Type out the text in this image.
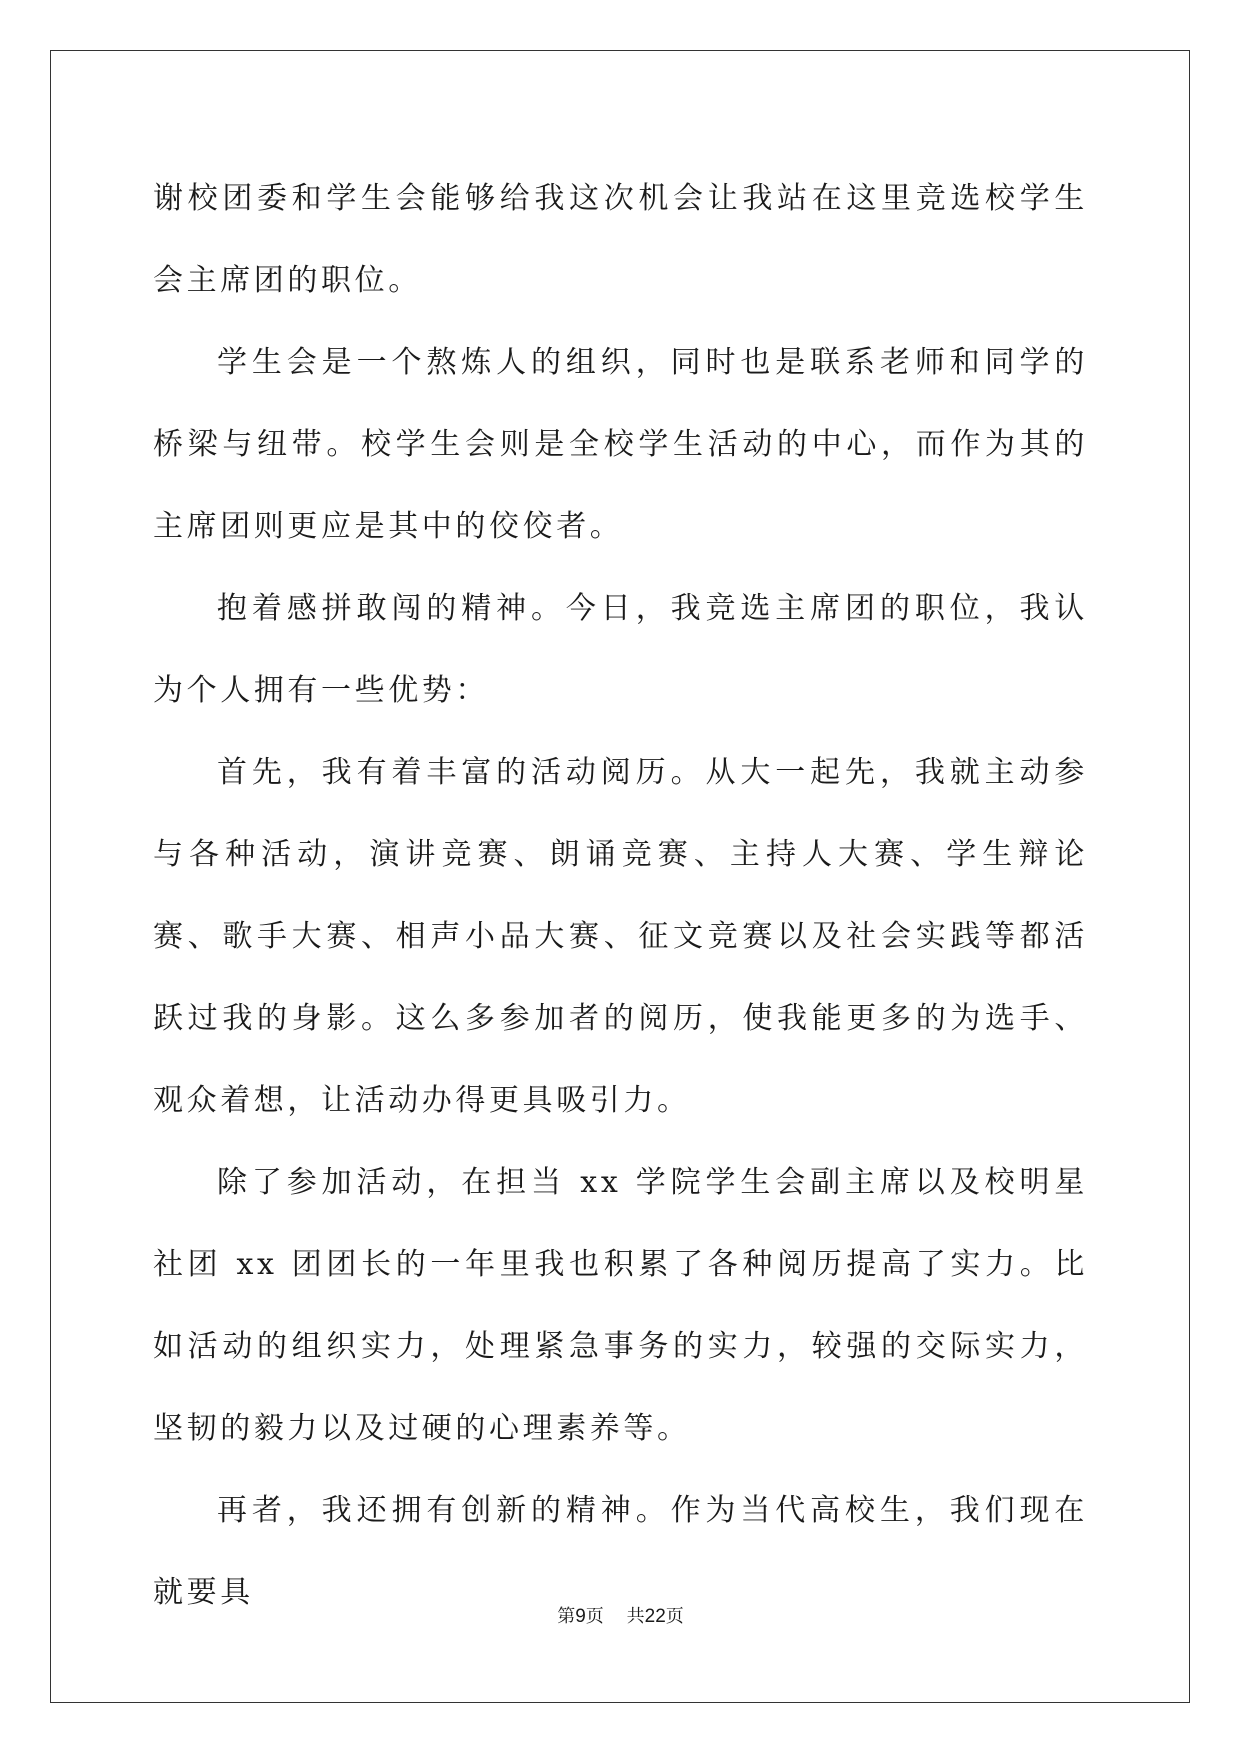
谢校团委和学生会能够给我这次机会让我站在这里竞选校学生会主席团的职位。

学生会是一个熬炼人的组织，同时也是联系老师和同学的桥梁与纽带。校学生会则是全校学生活动的中心，而作为其的主席团则更应是其中的佼佼者。

抱着感拼敢闯的精神。今日，我竞选主席团的职位，我认为个人拥有一些优势：

首先，我有着丰富的活动阅历。从大一起先，我就主动参与各种活动，演讲竞赛、朗诵竞赛、主持人大赛、学生辩论赛、歌手大赛、相声小品大赛、征文竞赛以及社会实践等都活跃过我的身影。这么多参加者的阅历，使我能更多的为选手、观众着想，让活动办得更具吸引力。

除了参加活动，在担当 xx 学院学生会副主席以及校明星社团 xx 团团长的一年里我也积累了各种阅历提高了实力。比如活动的组织实力，处理紧急事务的实力，较强的交际实力，坚韧的毅力以及过硬的心理素养等。

再者，我还拥有创新的精神。作为当代高校生，我们现在就要具

第9页 共22页
